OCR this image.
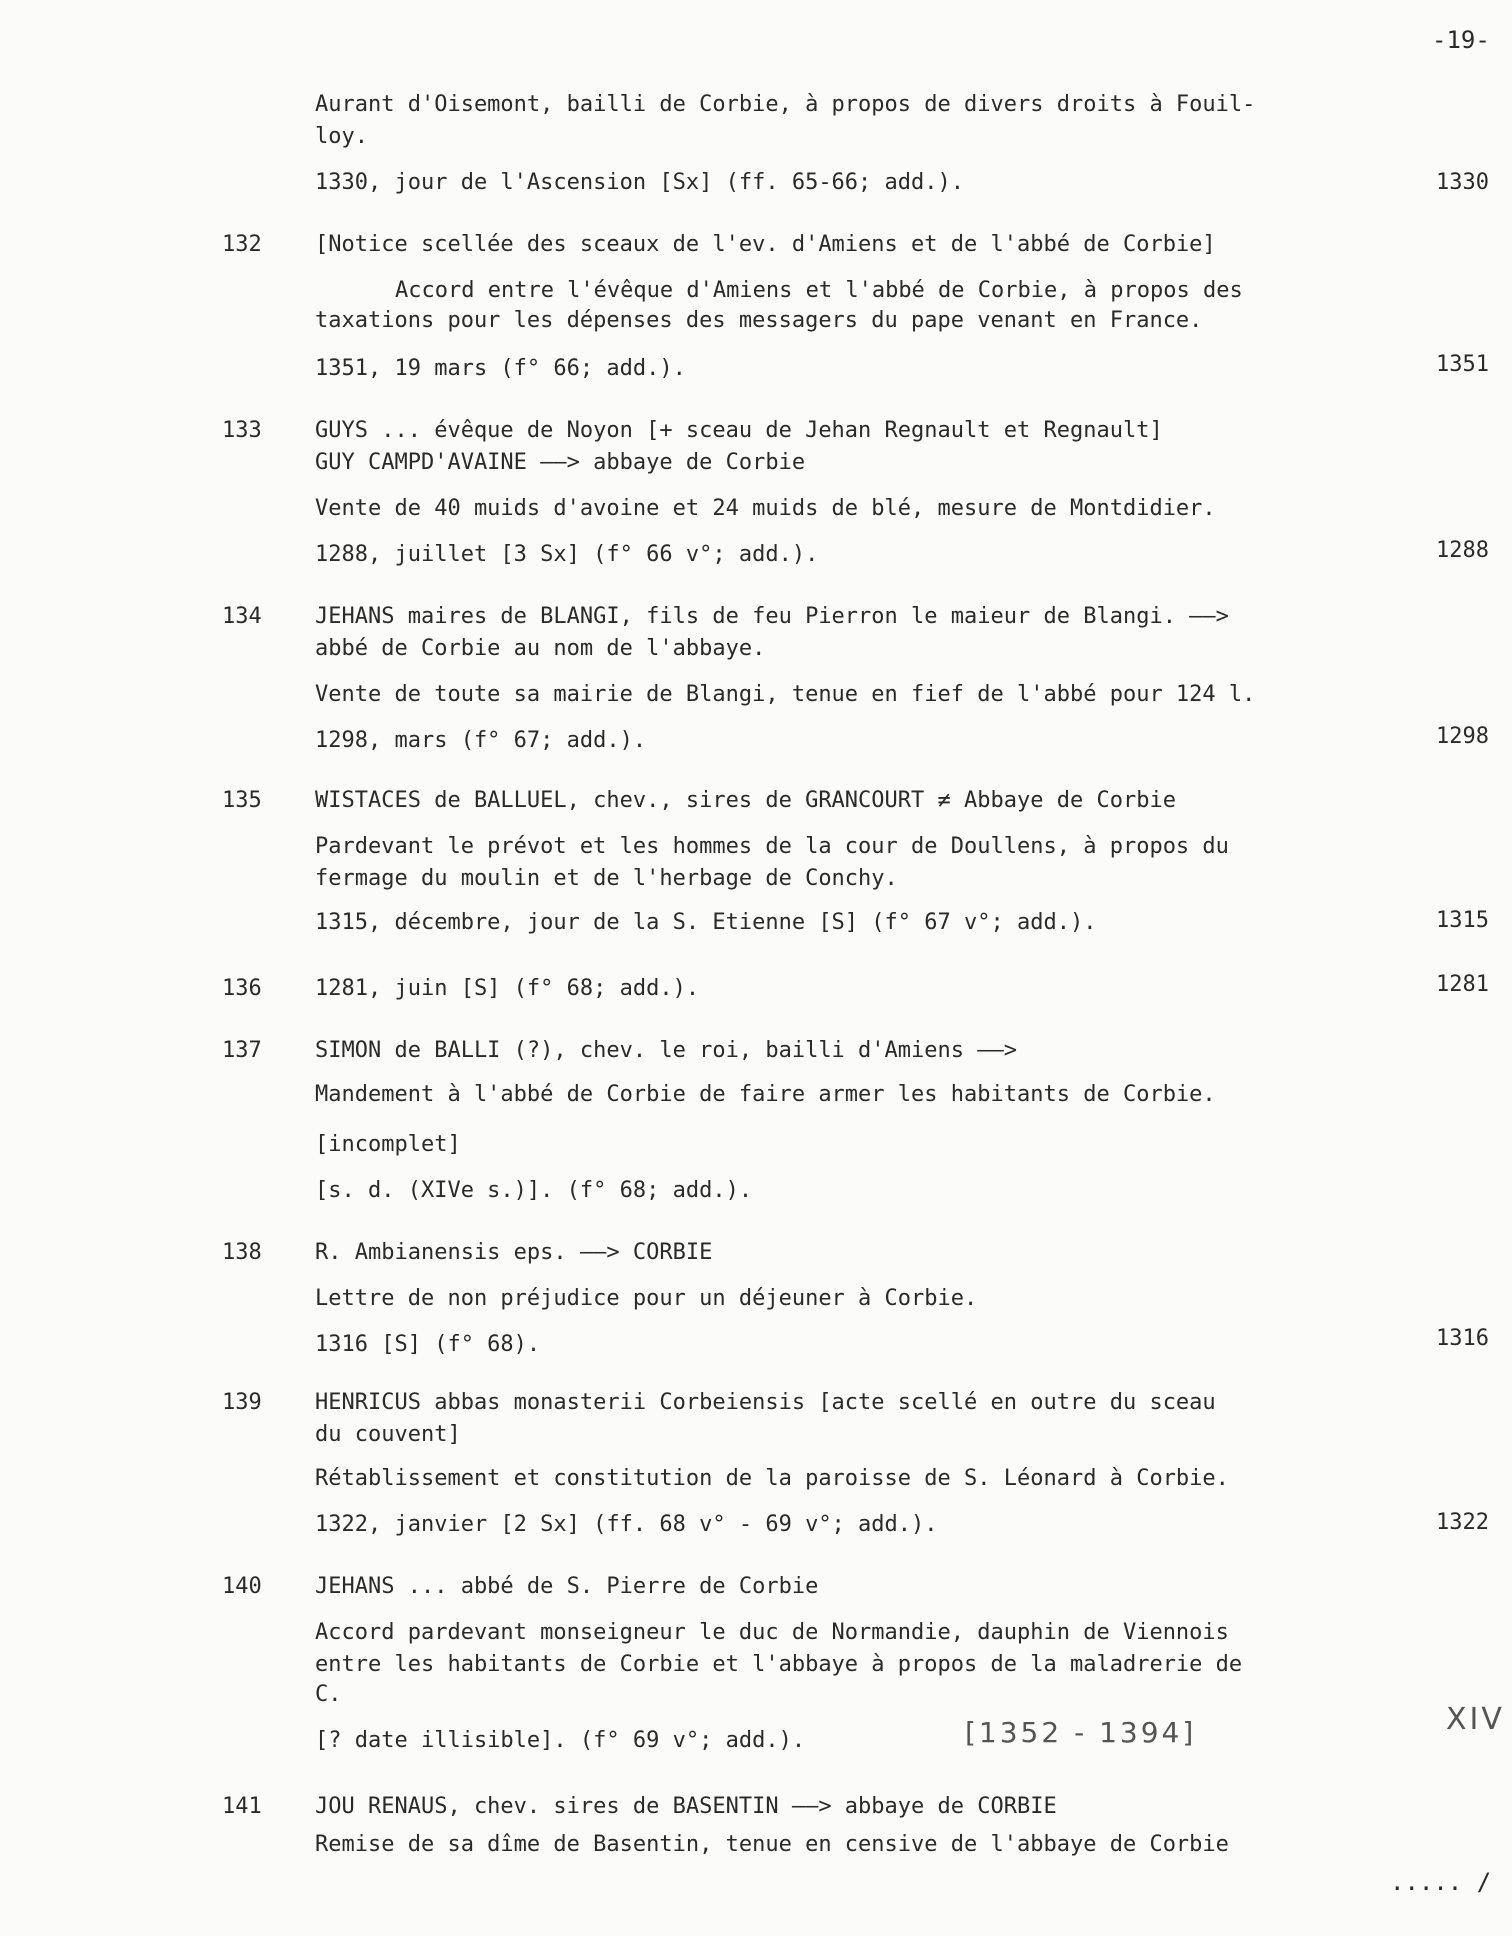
-19-
Aurant d'Oisemont, bailli de Corbie, à propos de divers droits à Fouil-
loy.
1330, jour de l'Ascension [Sx] (ff. 65-66; add.).	1330
132 [Notice scellée des sceaux de l'ev. d'Amiens et de l'abbé de Corbie]
Accord entre l'évêque d'Amiens et l'abbé de Corbie, à propos des
taxations pour les dépenses des messagers du pape venant en France.
1351, 19 mars (f° 66; add.).	1351
133 GUYS ... évêque de Noyon [+ sceau de Jehan Regnault et Regnault]
GUY CAMPD'AVAINE ——> abbaye de Corbie
Vente de 40 muids d'avoine et 24 muids de blé, mesure de Montdidier.
1288, juillet [3 Sx] (f° 66 v°; add.).	1288
134 JEHANS maires de BLANGI, fils de feu Pierron le maieur de Blangi. ——>
abbé de Corbie au nom de l'abbaye.
Vente de toute sa mairie de Blangi, tenue en fief de l'abbé pour 124 l.
1298, mars (f° 67; add.).	1298
135 WISTACES de BALLUEL, chev., sires de GRANCOURT ≠ Abbaye de Corbie
Pardevant le prévot et les hommes de la cour de Doullens, à propos du
fermage du moulin et de l'herbage de Conchy.
1315, décembre, jour de la S. Etienne [S] (f° 67 v°; add.).	1315
136 1281, juin [S] (f° 68; add.).	1281
137 SIMON de BALLI (?), chev. le roi, bailli d'Amiens ——>
Mandement à l'abbé de Corbie de faire armer les habitants de Corbie.
[incomplet]
[s. d. (XIVe s.)]. (f° 68; add.).
138 R. Ambianensis eps. ——> CORBIE
Lettre de non préjudice pour un déjeuner à Corbie.
1316 [S] (f° 68).	1316
139 HENRICUS abbas monasterii Corbeiensis [acte scellé en outre du sceau
du couvent]
Rétablissement et constitution de la paroisse de S. Léonard à Corbie.
1322, janvier [2 Sx] (ff. 68 v° - 69 v°; add.).	1322
140 JEHANS ... abbé de S. Pierre de Corbie
Accord pardevant monseigneur le duc de Normandie, dauphin de Viennois
entre les habitants de Corbie et l'abbaye à propos de la maladrerie de
C.
[? date illisible]. (f° 69 v°; add.).	[1352 - 1394]	XIV
141 JOU RENAUS, chev. sires de BASENTIN ——> abbaye de CORBIE
Remise de sa dîme de Basentin, tenue en censive de l'abbaye de Corbie
..... /
